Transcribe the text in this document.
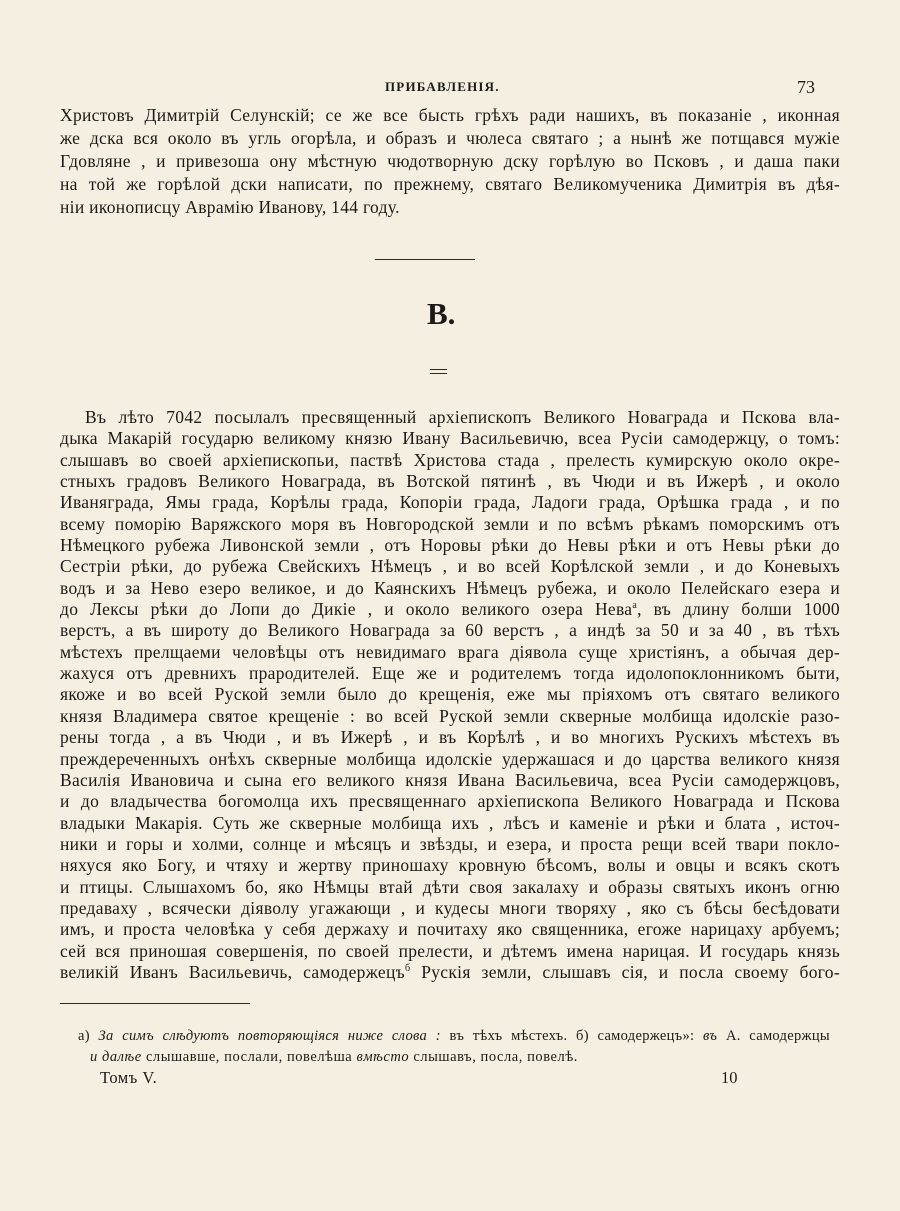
ПРИБАВЛЕНІЯ.	73
Христовъ Димитрій Селунскій; се же все бысть грѣхъ ради нашихъ, въ показаніе , иконная
же дска вся около въ угль огорѣла, и образъ и чюлеса святаго ; а нынѣ же потщався мужіе
Гдовляне , и привезоша ону мѣстную чюдотворную дску горѣлую во Псковъ , и даша паки
на той же горѣлой дски написати, по прежнему, святаго Великомученика Димитрія въ дѣя-
ніи иконописцу Аврамію Иванову, 144 году.
В.
Въ лѣто 7042 посылалъ пресвященный архіепископъ Великого Новаграда и Пскова вла-
дыка Макарій государю великому князю Ивану Васильевичю, всеа Русіи самодержцу, о томъ:
слышавъ во своей архіепископьи, паствѣ Христова стада , прелесть кумирскую около окре-
стныхъ градовъ Великого Новаграда, въ Вотской пятинѣ , въ Чюди и въ Ижерѣ , и около
Иваняграда, Ямы града, Корѣлы града, Копоріи града, Ладоги града, Орѣшка града , и по
всему поморію Варяжского моря въ Новгородской земли и по всѣмъ рѣкамъ поморскимъ отъ
Нѣмецкого рубежа Ливонской земли , отъ Норовы рѣки до Невы рѣки и отъ Невы рѣки до
Сестріи рѣки, до рубежа Свейскихъ Нѣмецъ , и во всей Корѣлской земли , и до Коневыхъ
водъ и за Нево езеро великое, и до Каянскихъ Нѣмецъ рубежа, и около Пелейскаго езера и
до Лексы рѣки до Лопи до Дикіе , и около великого озера Нева$^а$, въ длину болши 1000
верстъ, а въ широту до Великого Новаграда за 60 верстъ , а индѣ за 50 и за 40 , въ тѣхъ
мѣстехъ прелщаеми человѣцы отъ невидимаго врага діявола суще христіянъ, а обычая дер-
жахуся отъ древнихъ прародителей. Еще же и родителемъ тогда идолопоклонникомъ быти,
якоже и во всей Руской земли было до крещенія, еже мы пріяхомъ отъ святаго великого
князя Владимера святое крещеніе : во всей Руской земли скверные молбища идолскіе разо-
рены тогда , а въ Чюди , и въ Ижерѣ , и въ Корѣлѣ , и во многихъ Рускихъ мѣстехъ въ
преждереченныхъ онѣхъ скверные молбища идолскіе удержашася и до царства великого князя
Василія Ивановича и сына его великого князя Ивана Васильевича, всеа Русіи самодержцовъ,
и до владычества богомолца ихъ пресвященнаго архіепископа Великого Новаграда и Пскова
владыки Макарія. Суть же скверные молбища ихъ , лѣсъ и каменіе и рѣки и блата , источ-
ники и горы и холми, солнце и мѣсяцъ и звѣзды, и езера, и проста рещи всей твари покло-
няхуся яко Богу, и чтяху и жертву приношаху кровную бѣсомъ, волы и овцы и всякъ скотъ
и птицы. Слышахомъ бо, яко Нѣмцы втай дѣти своя закалаху и образы святыхъ иконъ огню
предаваху , всячески діяволу угажающи , и кудесы многи творяху , яко съ бѣсы бесѣдовати
имъ, и проста человѣка у себя держаху и почитаху яко священника, егоже нарицаху арбуемъ;
сей вся приношая совершенія, по своей прелести, и дѣтемъ имена нарицая. И государь князь
великій Иванъ Васильевичь, самодержецъ$^б$ Рускія земли, слышавъ сія, и посла своему бого-
а) За симъ слѣдуютъ повторяющіяся ниже слова : въ тѣхъ мѣстехъ. б) самодержецъ»: въ А. самодержцы
и далѣе слышавше, послали, повелѣша вмѣсто слышавъ, посла, повелѣ.
Томъ V.	10
